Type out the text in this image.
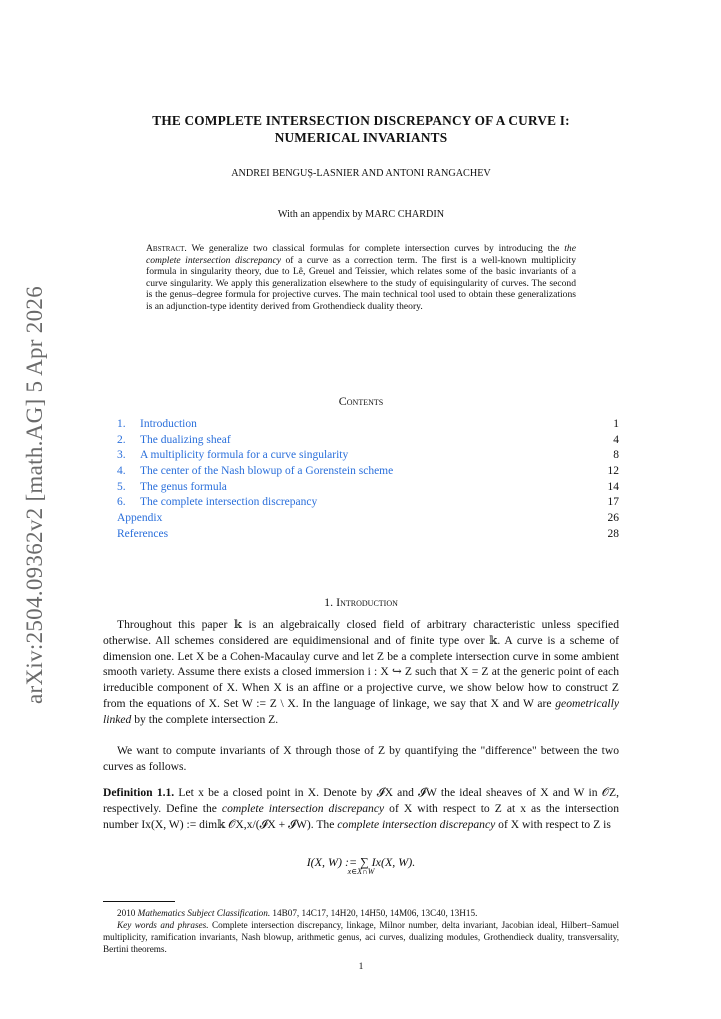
arXiv:2504.09362v2 [math.AG] 5 Apr 2026
THE COMPLETE INTERSECTION DISCREPANCY OF A CURVE I:
NUMERICAL INVARIANTS
ANDREI BENGUȘ-LASNIER AND ANTONI RANGACHEV
With an appendix by MARC CHARDIN
Abstract. We generalize two classical formulas for complete intersection curves by introducing the the complete intersection discrepancy of a curve as a correction term. The first is a well-known multiplicity formula in singularity theory, due to Lê, Greuel and Teissier, which relates some of the basic invariants of a curve singularity. We apply this generalization elsewhere to the study of equisingularity of curves. The second is the genus–degree formula for projective curves. The main technical tool used to obtain these generalizations is an adjunction-type identity derived from Grothendieck duality theory.
Contents
1. Introduction	1
2. The dualizing sheaf	4
3. A multiplicity formula for a curve singularity	8
4. The center of the Nash blowup of a Gorenstein scheme	12
5. The genus formula	14
6. The complete intersection discrepancy	17
Appendix	26
References	28
1. Introduction
Throughout this paper 𝕜 is an algebraically closed field of arbitrary characteristic unless specified otherwise. All schemes considered are equidimensional and of finite type over 𝕜. A curve is a scheme of dimension one. Let X be a Cohen-Macaulay curve and let Z be a complete intersection curve in some ambient smooth variety. Assume there exists a closed immersion i : X ↪ Z such that X = Z at the generic point of each irreducible component of X. When X is an affine or a projective curve, we show below how to construct Z from the equations of X. Set W := Z \ X. In the language of linkage, we say that X and W are geometrically linked by the complete intersection Z.
We want to compute invariants of X through those of Z by quantifying the "difference" between the two curves as follows.
Definition 1.1. Let x be a closed point in X. Denote by 𝓘X and 𝓘W the ideal sheaves of X and W in 𝒪Z, respectively. Define the complete intersection discrepancy of X with respect to Z at x as the intersection number Ix(X, W) := dim𝕜 𝒪X,x/(𝓘X + 𝓘W). The complete intersection discrepancy of X with respect to Z is
I(X, W) := ∑ Ix(X, W).
x∈X∩W
2010 Mathematics Subject Classification. 14B07, 14C17, 14H20, 14H50, 14M06, 13C40, 13H15.
Key words and phrases. Complete intersection discrepancy, linkage, Milnor number, delta invariant, Jacobian ideal, Hilbert–Samuel multiplicity, ramification invariants, Nash blowup, arithmetic genus, aci curves, dualizing modules, Grothendieck duality, transversality, Bertini theorems.
1
